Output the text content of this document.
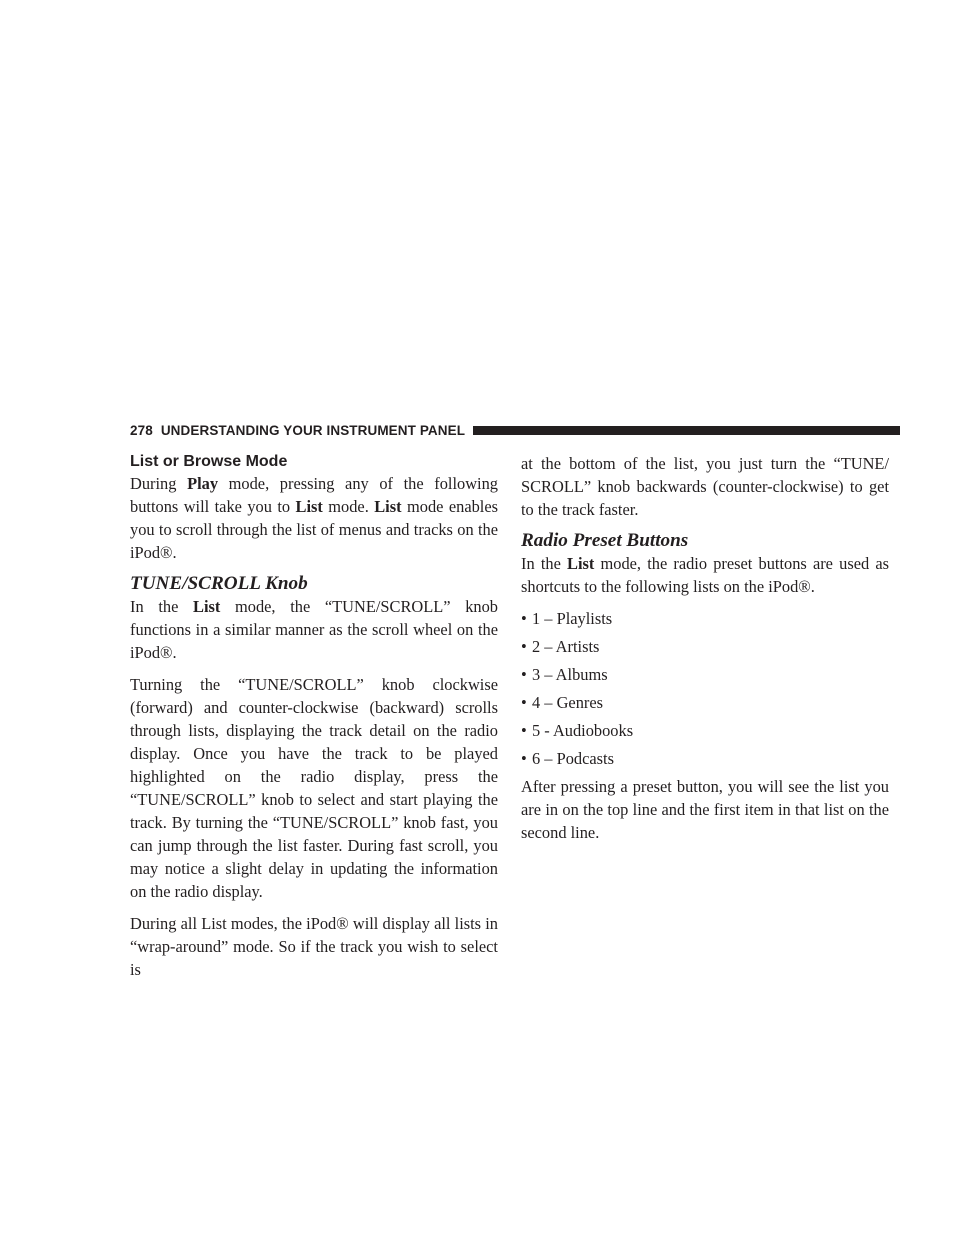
278 UNDERSTANDING YOUR INSTRUMENT PANEL
List or Browse Mode

During Play mode, pressing any of the following buttons will take you to List mode. List mode enables you to scroll through the list of menus and tracks on the iPod®.

TUNE/SCROLL Knob

In the List mode, the “TUNE/SCROLL” knob functions in a similar manner as the scroll wheel on the iPod®.

Turning the “TUNE/SCROLL” knob clockwise (forward) and counter-clockwise (backward) scrolls through lists, displaying the track detail on the radio display. Once you have the track to be played highlighted on the radio display, press the “TUNE/SCROLL” knob to select and start playing the track. By turning the “TUNE/SCROLL” knob fast, you can jump through the list faster. During fast scroll, you may notice a slight delay in updating the information on the radio display.

During all List modes, the iPod® will display all lists in “wrap-around” mode. So if the track you wish to select is

at the bottom of the list, you just turn the “TUNE/ SCROLL” knob backwards (counter-clockwise) to get to the track faster.

Radio Preset Buttons

In the List mode, the radio preset buttons are used as shortcuts to the following lists on the iPod®.

• 1 – Playlists
• 2 – Artists
• 3 – Albums
• 4 – Genres
• 5 - Audiobooks
• 6 – Podcasts

After pressing a preset button, you will see the list you are in on the top line and the first item in that list on the second line.
